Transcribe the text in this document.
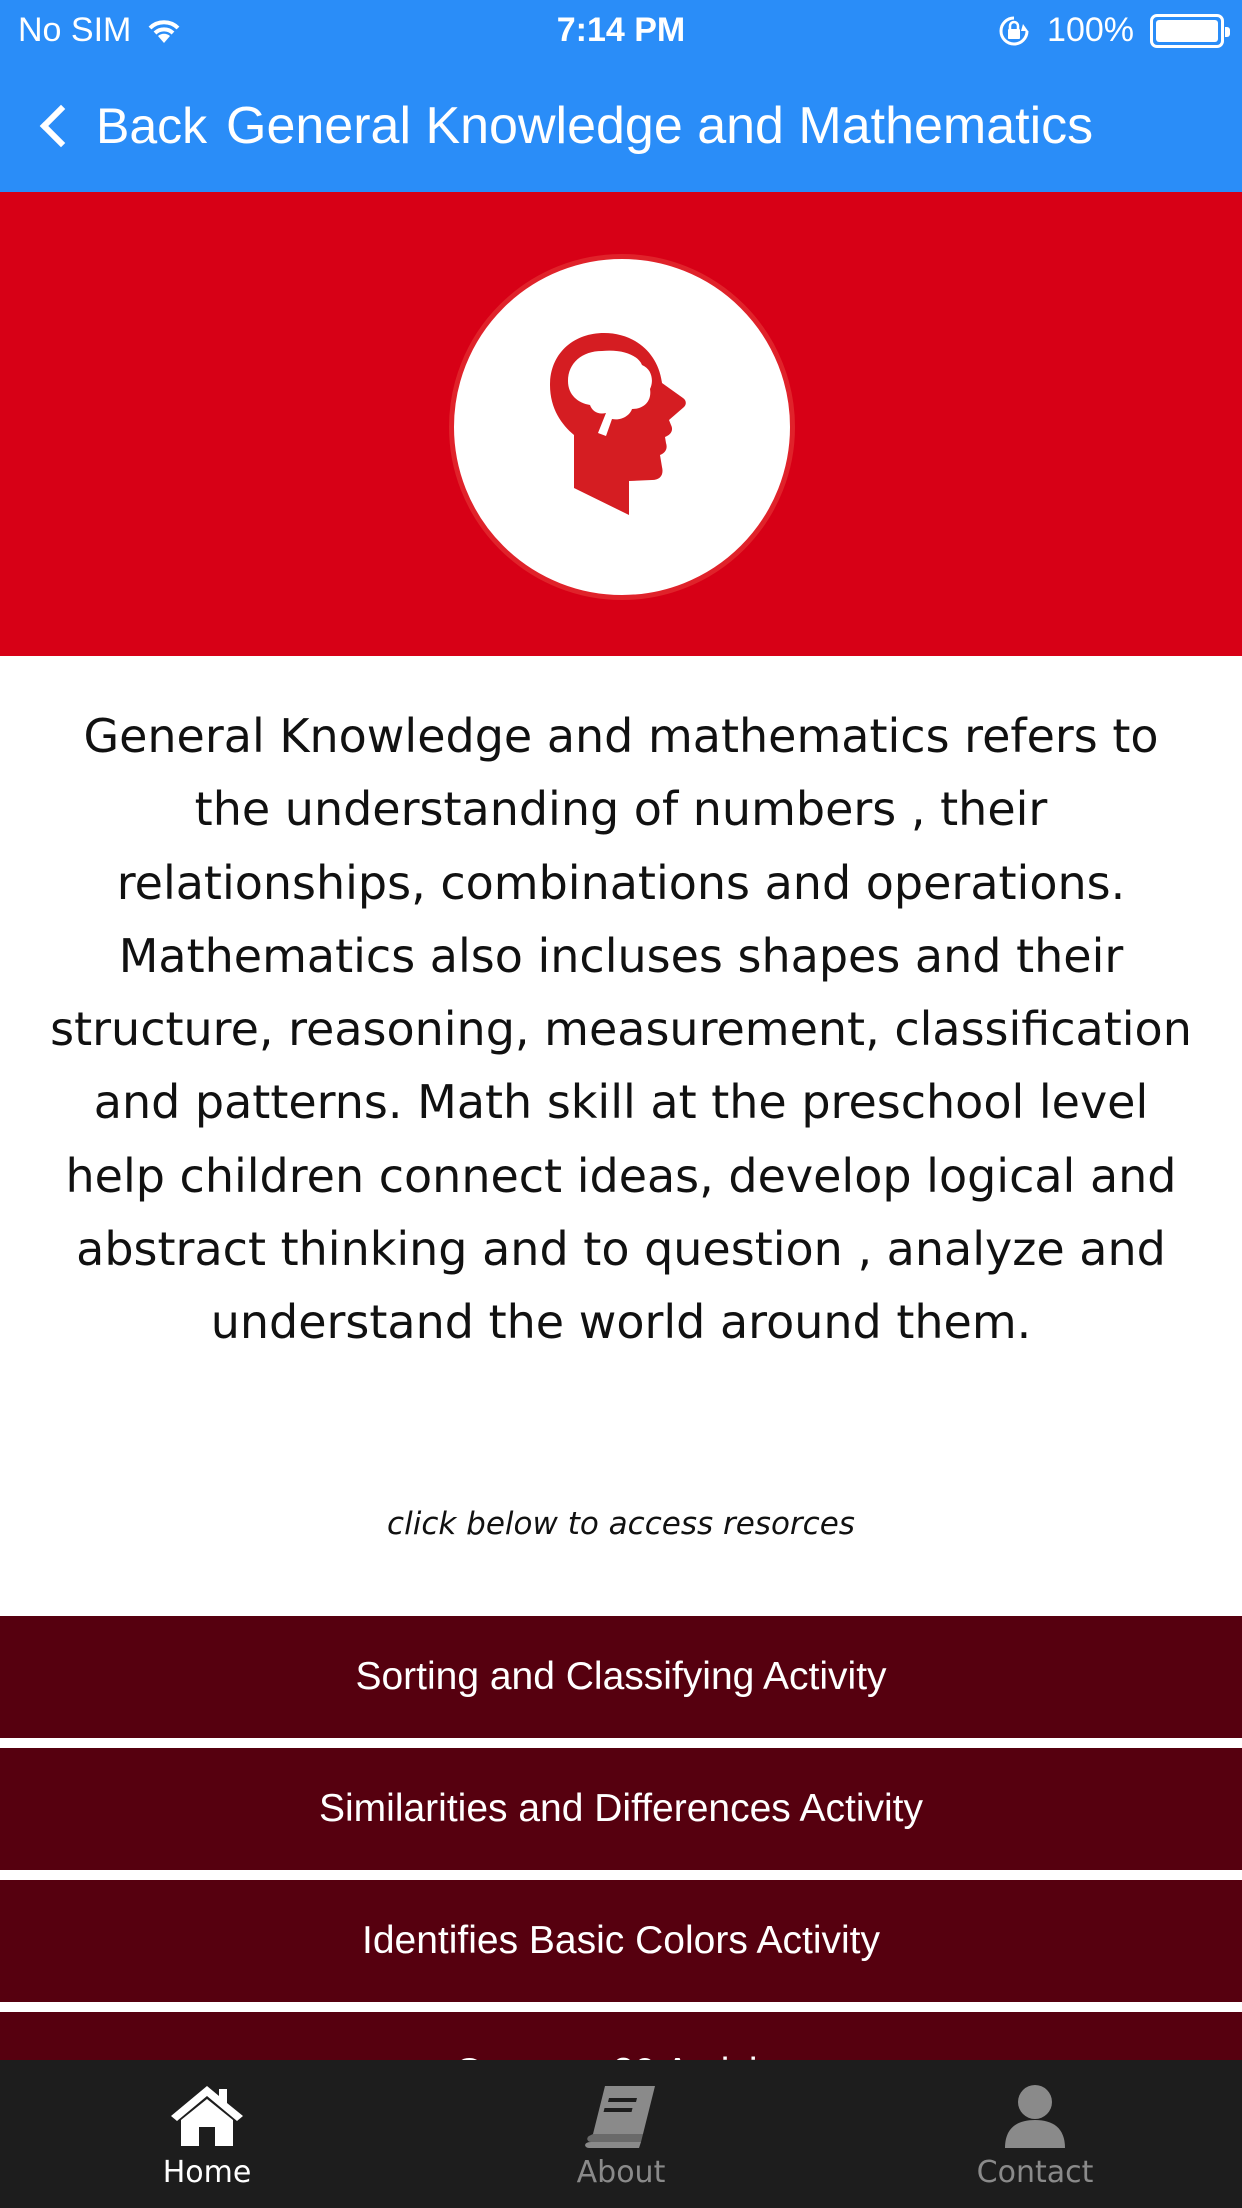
No SIM	7:14 PM	100%
Back General Knowledge and Mathematics
General Knowledge and mathematics refers to the understanding of numbers , their relationships, combinations and operations. Mathematics also incluses shapes and their structure, reasoning, measurement, classification and patterns. Math skill at the preschool level help children connect ideas, develop logical and abstract thinking and to question , analyze and understand the world around them.
click below to access resorces
Sorting and Classifying Activity
Similarities and Differences Activity
Identifies Basic Colors Activity
Home	About	Contact
